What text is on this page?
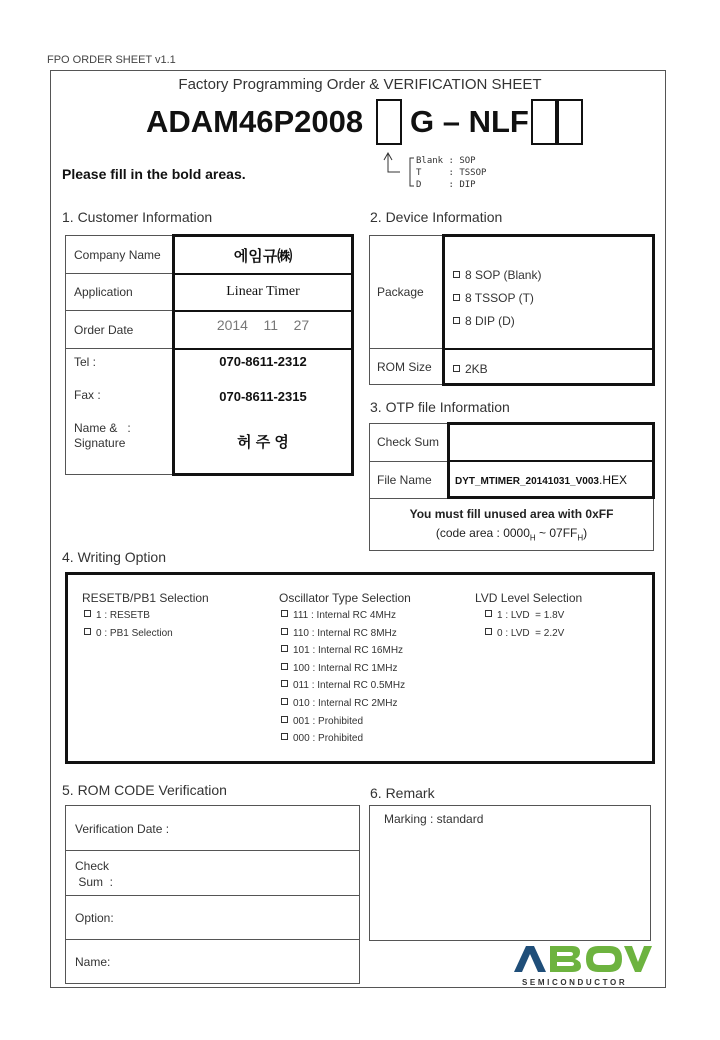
FPO ORDER SHEET v1.1
Factory Programming Order & VERIFICATION SHEET
ADAM46P2008 G – NLF
Blank : SOP
T     : TSSOP
D     : DIP
Please fill in the bold areas.
1. Customer Information
Company Name	에임규㈱
Application	Linear Timer
Order Date	2014    11    27
Tel :	070-8611-2312
Fax :	070-8611-2315
Name &   :
Signature	허 주 영
2. Device Information
Package
8 SOP (Blank)
8 TSSOP (T)
8 DIP (D)
ROM Size	2KB
3. OTP file Information
Check Sum
File Name DYT_MTIMER_20141031_V003.HEX
You must fill unused area with 0xFF
(code area : $0000_H$ ~ $07FF_H$)
4. Writing Option
RESETB/PB1 Selection
1 : RESETB
0 : PB1 Selection
Oscillator Type Selection
111 : Internal RC 4MHz
110 : Internal RC 8MHz
101 : Internal RC 16MHz
100 : Internal RC 1MHz
011 : Internal RC 0.5MHz
010 : Internal RC 2MHz
001 : Prohibited
000 : Prohibited
LVD Level Selection
1 : LVD  = 1.8V
0 : LVD  = 2.2V
5. ROM CODE Verification
Verification Date :
Check
Sum  :
Option:
Name:
6. Remark
Marking : standard
SEMICONDUCTOR
